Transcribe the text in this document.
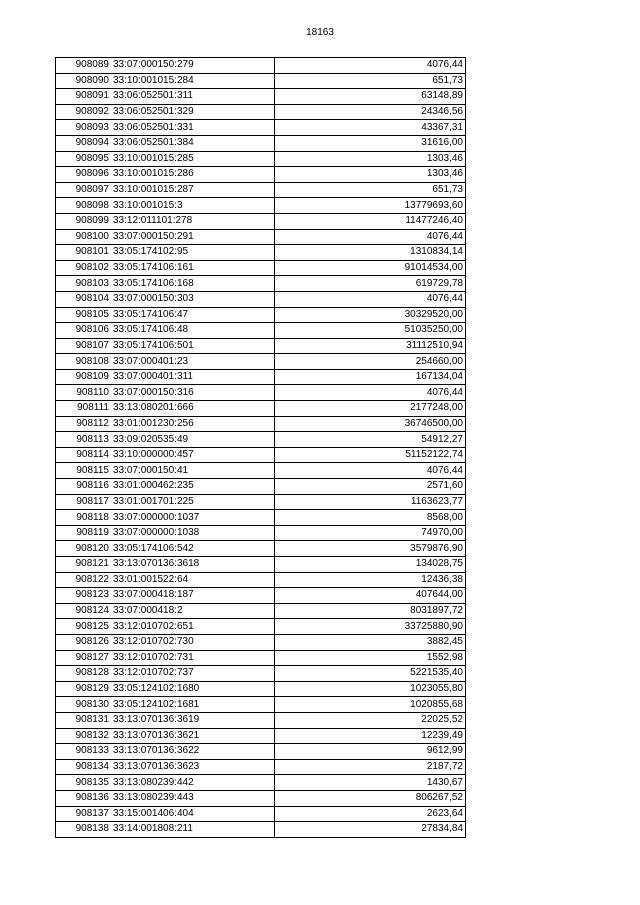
18163
908089	33:07:000150:279	4076,44
908090	33:10:001015:284	651,73
908091	33:06:052501:311	63148,89
908092	33:06:052501:329	24346,56
908093	33:06:052501:331	43367,31
908094	33:06:052501:384	31616,00
908095	33:10:001015:285	1303,46
908096	33:10:001015:286	1303,46
908097	33:10:001015:287	651,73
908098	33:10:001015:3	13779693,60
908099	33:12:011101:278	11477246,40
908100	33:07:000150:291	4076,44
908101	33:05:174102:95	1310834,14
908102	33:05:174106:161	91014534,00
908103	33:05:174106:168	619729,78
908104	33:07:000150:303	4076,44
908105	33:05:174106:47	30329520,00
908106	33:05:174106:48	51035250,00
908107	33:05:174106:501	31112510,94
908108	33:07:000401:23	254660,00
908109	33:07:000401:311	167134,04
908110	33:07:000150:316	4076,44
908111	33:13:080201:666	2177248,00
908112	33:01:001230:256	36746500,00
908113	33:09:020535:49	54912,27
908114	33:10:000000:457	51152122,74
908115	33:07:000150:41	4076,44
908116	33:01:000462:235	2571,60
908117	33:01:001701:225	1163623,77
908118	33:07:000000:1037	8568,00
908119	33:07:000000:1038	74970,00
908120	33:05:174106:542	3579876,90
908121	33:13:070136:3618	134028,75
908122	33:01:001522:64	12436,38
908123	33:07:000418:187	407644,00
908124	33:07:000418:2	8031897,72
908125	33:12:010702:651	33725880,90
908126	33:12:010702:730	3882,45
908127	33:12:010702:731	1552,98
908128	33:12:010702:737	5221535,40
908129	33:05:124102:1680	1023055,80
908130	33:05:124102:1681	1020855,68
908131	33:13:070136:3619	22025,52
908132	33:13:070136:3621	12239,49
908133	33:13:070136:3622	9612,99
908134	33:13:070136:3623	2187,72
908135	33:13:080239:442	1430,67
908136	33:13:080239:443	806267,52
908137	33:15:001406:404	2623,64
908138	33:14:001808:211	27834,84
